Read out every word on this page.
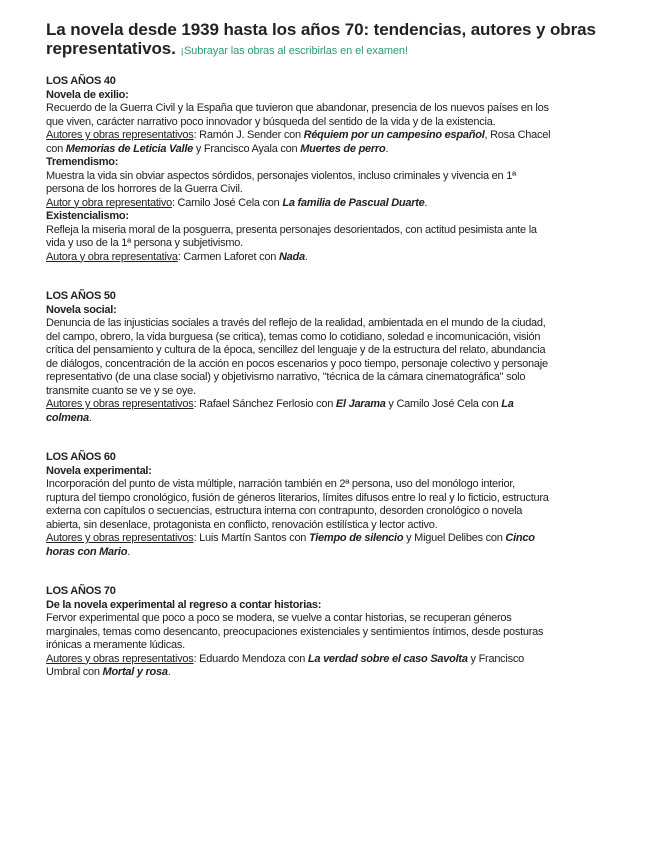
La novela desde 1939 hasta los años 70: tendencias, autores y obras
representativos. ¡Subrayar las obras al escribirlas en el examen!
LOS AÑOS 40
Novela de exilio:
Recuerdo de la Guerra Civil y la España que tuvieron que abandonar, presencia de los nuevos países en los
que viven, carácter narrativo poco innovador y búsqueda del sentido de la vida y de la existencia.
Autores y obras representativos: Ramón J. Sender con Réquiem por un campesino español, Rosa Chacel
con Memorias de Leticia Valle y Francisco Ayala con Muertes de perro.
Tremendismo:
Muestra la vida sin obviar aspectos sórdidos, personajes violentos, incluso criminales y vivencia en 1ª
persona de los horrores de la Guerra Civil.
Autor y obra representativo: Camilo José Cela con La familia de Pascual Duarte.
Existencialismo:
Refleja la miseria moral de la posguerra, presenta personajes desorientados, con actitud pesimista ante la
vida y uso de la 1ª persona y subjetivismo.
Autora y obra representativa: Carmen Laforet con Nada.
LOS AÑOS 50
Novela social:
Denuncia de las injusticias sociales a través del reflejo de la realidad, ambientada en el mundo de la ciudad,
del campo, obrero, la vida burguesa (se critica), temas como lo cotidiano, soledad e incomunicación, visión
crítica del pensamiento y cultura de la época, sencillez del lenguaje y de la estructura del relato, abundancia
de diálogos, concentración de la acción en pocos escenarios y poco tiempo, personaje colectivo y personaje
representativo (de una clase social) y objetivismo narrativo, "técnica de la cámara cinematográfica" solo
transmite cuanto se ve y se oye.
Autores y obras representativos: Rafael Sánchez Ferlosio con El Jarama y Camilo José Cela con La
colmena.
LOS AÑOS 60
Novela experimental:
Incorporación del punto de vista múltiple, narración también en 2ª persona, uso del monólogo interior,
ruptura del tiempo cronológico, fusión de géneros literarios, límites difusos entre lo real y lo ficticio, estructura
externa con capítulos o secuencias, estructura interna con contrapunto, desorden cronológico o novela
abierta, sin desenlace, protagonista en conflicto, renovación estilística y lector activo.
Autores y obras representativos: Luis Martín Santos con Tiempo de silencio y Miguel Delibes con Cinco
horas con Mario.
LOS AÑOS 70
De la novela experimental al regreso a contar historias:
Fervor experimental que poco a poco se modera, se vuelve a contar historias, se recuperan géneros
marginales, temas como desencanto, preocupaciones existenciales y sentimientos íntimos, desde posturas
irónicas a meramente lúdicas.
Autores y obras representativos: Eduardo Mendoza con La verdad sobre el caso Savolta y Francisco
Umbral con Mortal y rosa.
